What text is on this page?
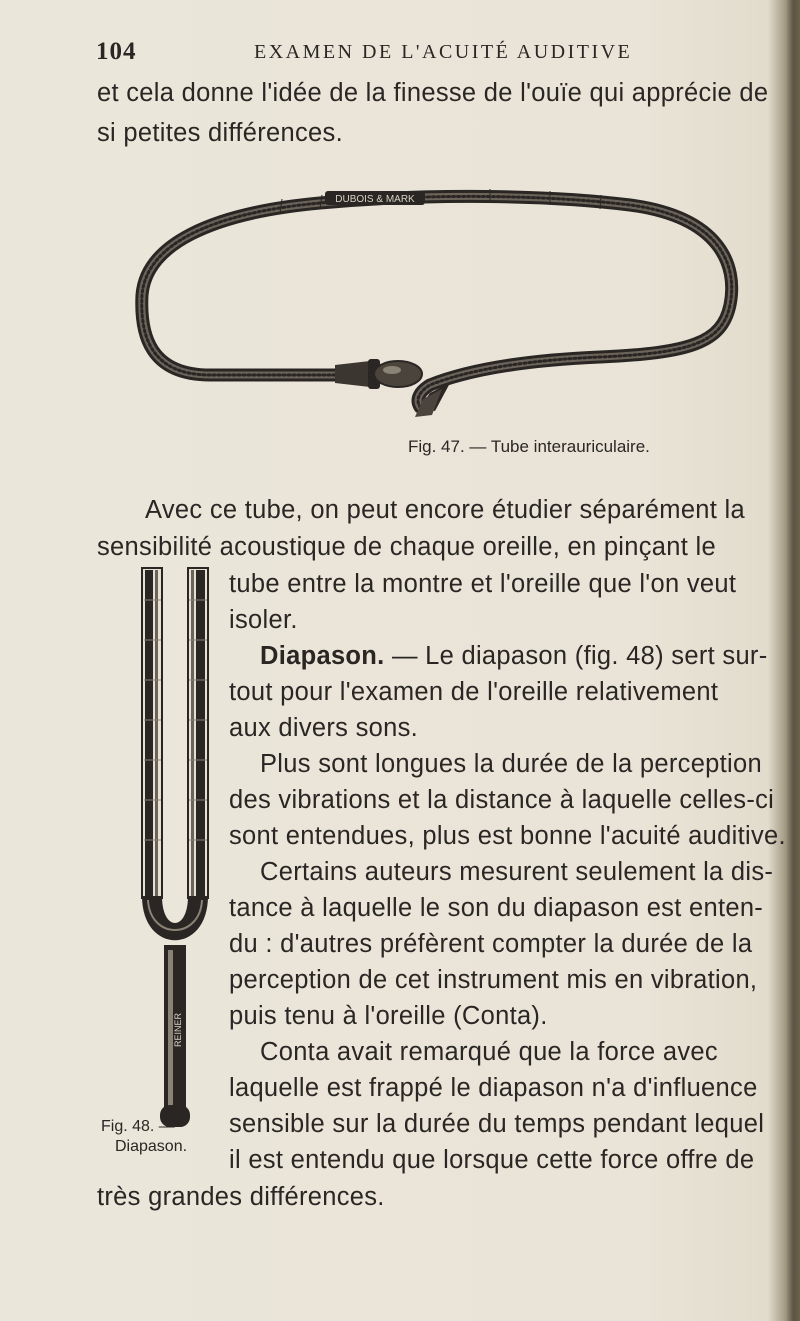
104	EXAMEN DE L'ACUITÉ AUDITIVE
et cela donne l'idée de la finesse de l'ouïe qui apprécie de
si petites différences.
DUBOIS & MARK
Fig. 47. — Tube interauriculaire.
Avec ce tube, on peut encore étudier séparément la
sensibilité acoustique de chaque oreille, en pinçant le
tube entre la montre et l'oreille que l'on veut
isoler.
Diapason. — Le diapason (fig. 48) sert sur-
tout pour l'examen de l'oreille relativement
aux divers sons.
Plus sont longues la durée de la perception
des vibrations et la distance à laquelle celles-ci
sont entendues, plus est bonne l'acuité auditive.
Certains auteurs mesurent seulement la dis-
tance à laquelle le son du diapason est enten-
du : d'autres préfèrent compter la durée de la
perception de cet instrument mis en vibration,
puis tenu à l'oreille (Conta).
Conta avait remarqué que la force avec
laquelle est frappé le diapason n'a d'influence
sensible sur la durée du temps pendant lequel
il est entendu que lorsque cette force offre de
très grandes différences.
REINER
Fig. 48. —
Diapason.
